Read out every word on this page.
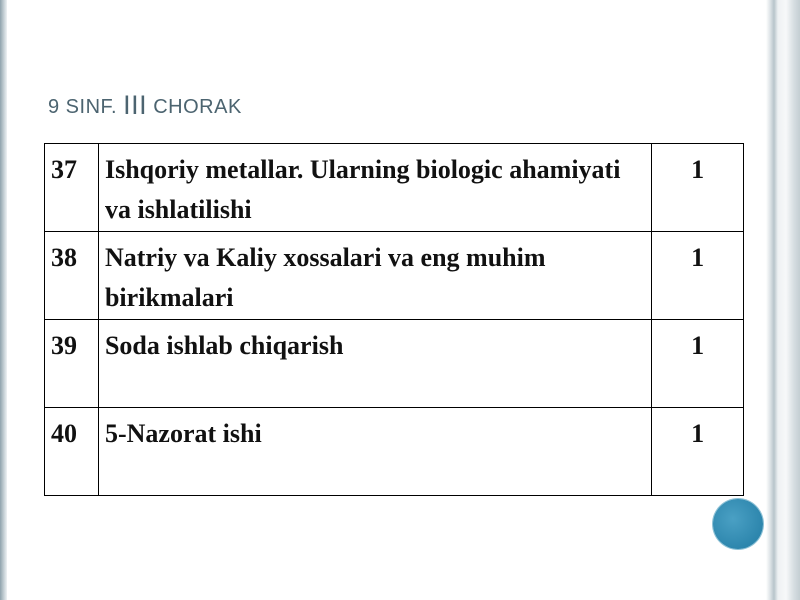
9 SINF. III CHORAK
37	Ishqoriy metallar. Ularning biologic ahamiyati va ishlatilishi	1
38	Natriy va Kaliy xossalari va eng muhim birikmalari	1
39	Soda ishlab chiqarish	1
40	5-Nazorat ishi	1
